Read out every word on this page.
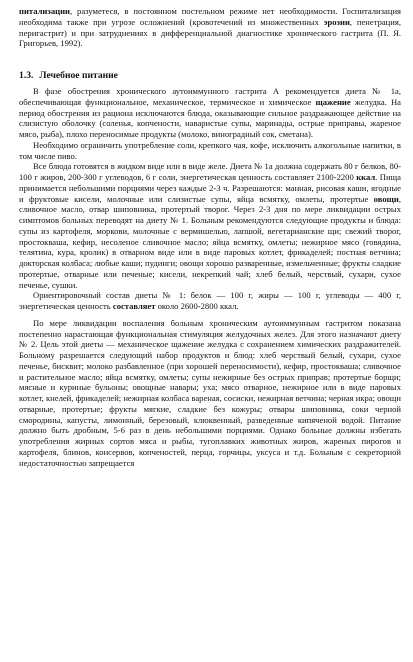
питализации, разуметеся, в постоянном постельном режиме нет необходимости. Госпитализация необходима также при угрозе осложнений (кровотечений из множественных эрозии, пенетрация, перигастрит) и при затруднениях в дифференциальной диагностике хронического гастрита (П. Я. Григорьев, 1992).

1.3. Лечебное питание

В фазе обострения хронического аутоиммунного гастрита А рекомендуется диета № 1а, обеспечивающая функциональное, механическое, термическое и химическое щажение желудка. На период обострения из рациона исключаются блюда, оказывающие сильное раздражающее действие на слизистую оболочку (соленья, копчености, наваристые супы, маринады, острые приправы, жареное мясо, рыба), плохо переносимые продукты (молоко, виноградный сок, сметана).

Необходимо ограничить употребление соли, крепкого чая, кофе, исключить алкогольные напитки, в том числе пиво.

Все блюда готовятся в жидком виде или в виде желе. Диета № 1а должна содержать 80 г белков, 80-100 г жиров, 200-300 г углеводов, 6 г соли, энергетическая ценность составляет 2100-2200 ккал. Пища принимается небольшими порциями через каждые 2-3 ч. Разрешаются: манная, рисовая каши, ягодные и фруктовые кисели, молочные или слизистые супы, яйца всмятку, омлеты, протертые овощи, сливочное масло, отвар шиповника, протертый творог. Через 2-3 дня по мере ликвидации острых симптомов больных переводят на диету № 1. Больным рекомендуются следующие продукты и блюда: супы из картофеля, моркови, молочные с вермишелью, лапшой, вегетарианские щи; свежий творог, простокваша, кефир, несоленое сливочное масло; яйца всмятку, омлеты; нежирное мясо (говядина, телятина, кура, кролик) в отварном виде или в виде паровых котлет, фрикаделей; постная ветчина; докторская колбаса; любые каши; пудинги; овощи хорошо разваренные, измельченные; фрукты сладкие протертые, отварные или печеные; кисели, некрепкий чай; хлеб белый, черствый, сухари, сухое печенье, сушки.

Ориентировочный состав диеты № 1: белок — 100 г, жиры — 100 г, углеводы — 400 г, энергетическая ценность составляет около 2600-2800 ккал.

По мере ликвидации воспаления больным хроническим аутоиммунным гастритом показана постепенно нарастающая функциональная стимуляция желудочных желез. Для этого назначают диету № 2. Цель этой диеты — механическое щажение желудка с сохранением химических раздражителей. Больному разрешается следующий набор продуктов и блюд: хлеб черствый белый, сухари, сухое печенье, бисквит; молоко разбавленное (при хорошей переносимости), кефир, простокваша; сливочное и растительное масло; яйца всмятку, омлеты; супы нежирные без острых приправ; протертые борщи; мясные и куриные бульоны; овощные навары; уха; мясо отварное, нежирное или в виде паровых котлет, кнелей, фрикаделей; нежирная колбаса вареная, сосиски, нежирная ветчина; черная икра; овощи отварные, протертые; фрукты мягкие, сладкие без кожуры; отвары шиповника, соки черной смородины, капусты, лимонный, березовый, клюквенный, разведенные кипяченой водой. Питание должно быть дробным, 5-6 раз в день небольшими порциями. Однако больные должны избегать употребления жирных сортов мяса и рыбы, тугоплавких животных жиров, жареных пирогов и картофеля, блинов, консервов, копченостей, перца, горчицы, уксуса и т.д. Больным с секреторной недостаточностью запрещается
